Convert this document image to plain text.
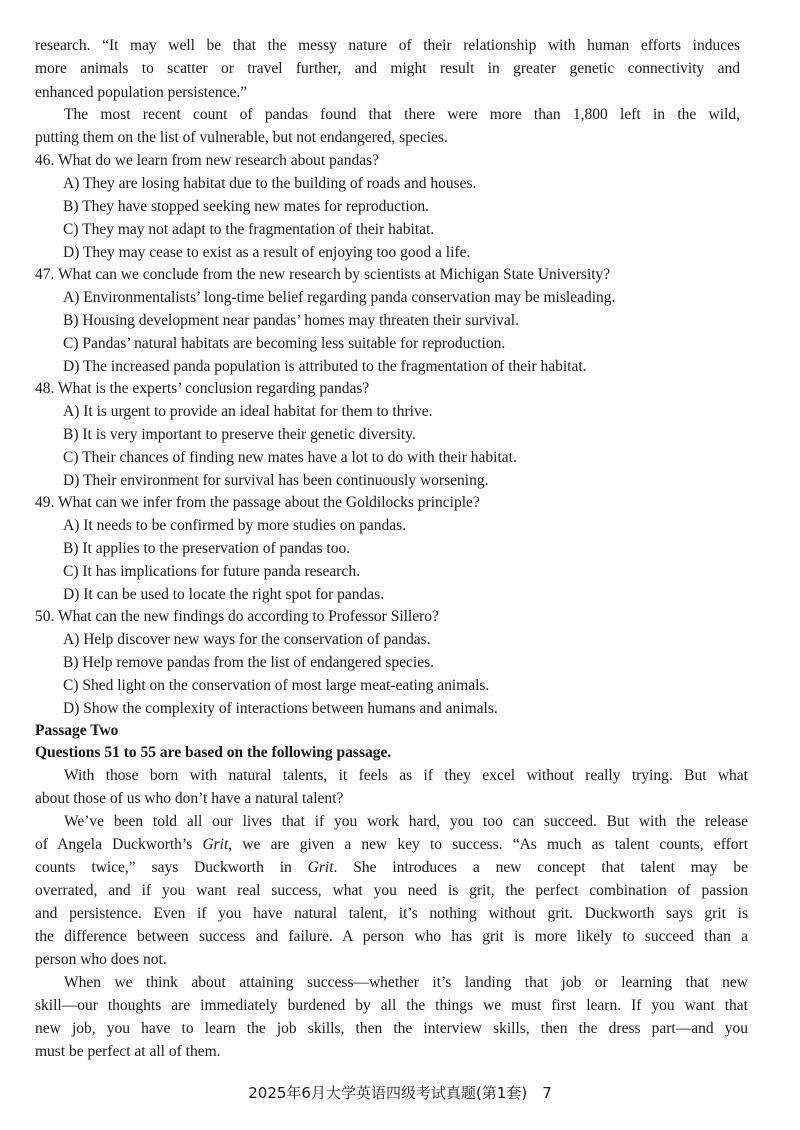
research. “It may well be that the messy nature of their relationship with human efforts induces
more animals to scatter or travel further, and might result in greater genetic connectivity and
enhanced population persistence.”
The most recent count of pandas found that there were more than 1,800 left in the wild,
putting them on the list of vulnerable, but not endangered, species.
46. What do we learn from new research about pandas?
A) They are losing habitat due to the building of roads and houses.
B) They have stopped seeking new mates for reproduction.
C) They may not adapt to the fragmentation of their habitat.
D) They may cease to exist as a result of enjoying too good a life.
47. What can we conclude from the new research by scientists at Michigan State University?
A) Environmentalists’ long-time belief regarding panda conservation may be misleading.
B) Housing development near pandas’ homes may threaten their survival.
C) Pandas’ natural habitats are becoming less suitable for reproduction.
D) The increased panda population is attributed to the fragmentation of their habitat.
48. What is the experts’ conclusion regarding pandas?
A) It is urgent to provide an ideal habitat for them to thrive.
B) It is very important to preserve their genetic diversity.
C) Their chances of finding new mates have a lot to do with their habitat.
D) Their environment for survival has been continuously worsening.
49. What can we infer from the passage about the Goldilocks principle?
A) It needs to be confirmed by more studies on pandas.
B) It applies to the preservation of pandas too.
C) It has implications for future panda research.
D) It can be used to locate the right spot for pandas.
50. What can the new findings do according to Professor Sillero?
A) Help discover new ways for the conservation of pandas.
B) Help remove pandas from the list of endangered species.
C) Shed light on the conservation of most large meat-eating animals.
D) Show the complexity of interactions between humans and animals.
Passage Two
Questions 51 to 55 are based on the following passage.
With those born with natural talents, it feels as if they excel without really trying. But what
about those of us who don’t have a natural talent?
We’ve been told all our lives that if you work hard, you too can succeed. But with the release
of Angela Duckworth’s Grit, we are given a new key to success. “As much as talent counts, effort
counts twice,” says Duckworth in Grit. She introduces a new concept that talent may be
overrated, and if you want real success, what you need is grit, the perfect combination of passion
and persistence. Even if you have natural talent, it’s nothing without grit. Duckworth says grit is
the difference between success and failure. A person who has grit is more likely to succeed than a
person who does not.
When we think about attaining success—whether it’s landing that job or learning that new
skill—our thoughts are immediately burdened by all the things we must first learn. If you want that
new job, you have to learn the job skills, then the interview skills, then the dress part—and you
must be perfect at all of them.
2025年6月大学英语四级考试真题(第1套)　7
